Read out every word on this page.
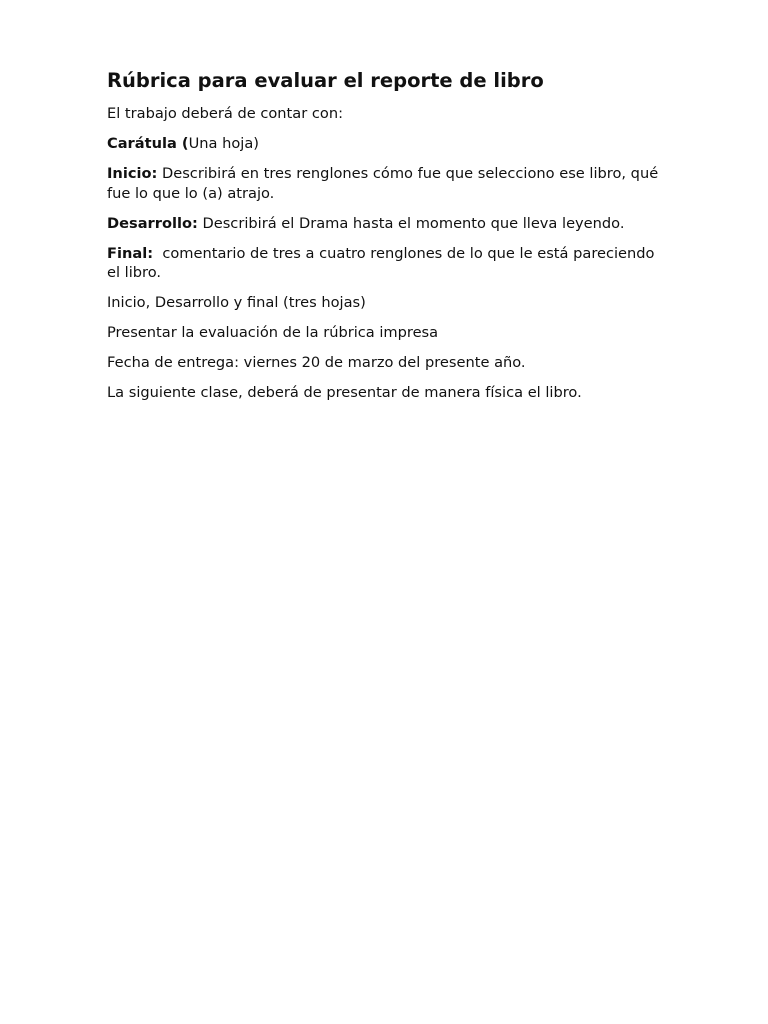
Rúbrica para evaluar el reporte de libro

El trabajo deberá de contar con:

Carátula (Una hoja)

Inicio: Describirá en tres renglones cómo fue que selecciono ese libro, qué fue lo que lo (a) atrajo.

Desarrollo: Describirá el Drama hasta el momento que lleva leyendo.

Final:  comentario de tres a cuatro renglones de lo que le está pareciendo el libro.

Inicio, Desarrollo y final (tres hojas)

Presentar la evaluación de la rúbrica impresa

Fecha de entrega: viernes 20 de marzo del presente año.

La siguiente clase, deberá de presentar de manera física el libro.
